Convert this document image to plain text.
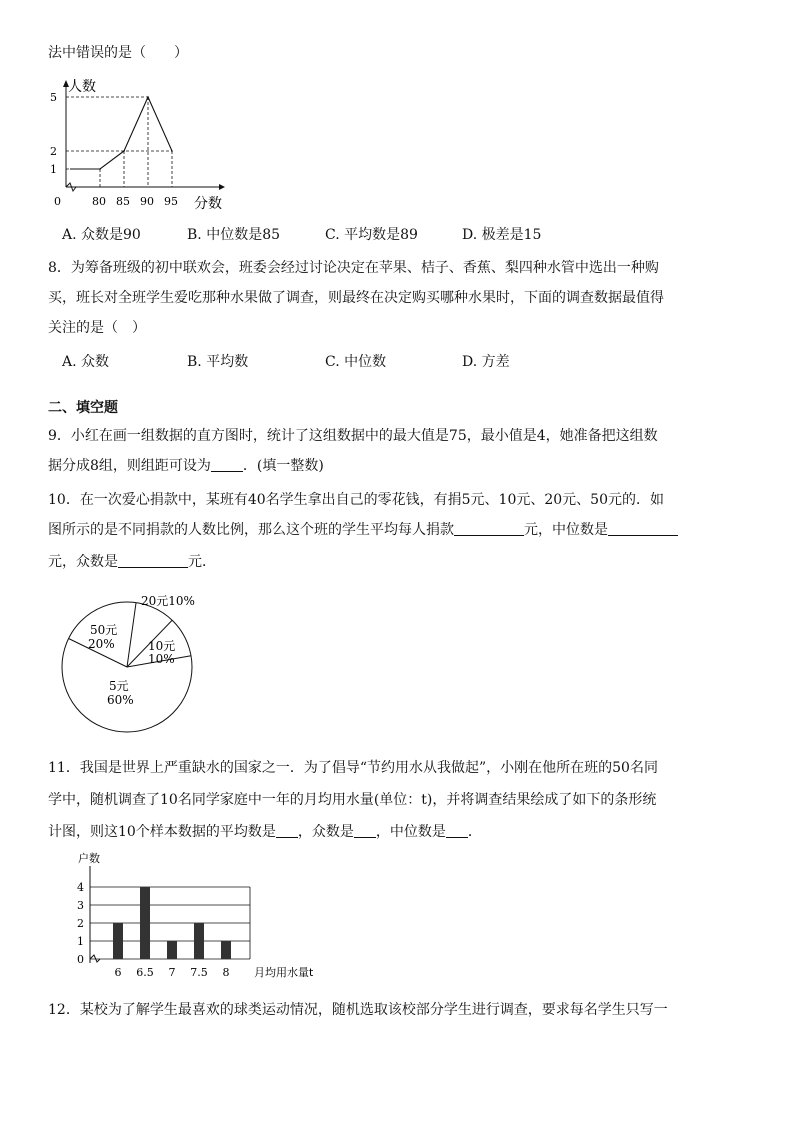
法中错误的是（　　）
人数
分数
0
1
2
5
80 85 90 95
A. 众数是90	B. 中位数是85	C. 平均数是89	D. 极差是15
8．为筹备班级的初中联欢会，班委会经过讨论决定在苹果、桔子、香蕉、梨四种水管中选出一种购
买，班长对全班学生爱吃那种水果做了调查，则最终在决定购买哪种水果时，下面的调查数据最值得
关注的是（　）
A. 众数	B. 平均数	C. 中位数	D. 方差
二、填空题
9．小红在画一组数据的直方图时，统计了这组数据中的最大值是75，最小值是4，她准备把这组数
据分成8组，则组距可设为 ．(填一整数)
10．在一次爱心捐款中，某班有40名学生拿出自己的零花钱，有捐5元、10元、20元、50元的．如
图所示的是不同捐款的人数比例，那么这个班的学生平均每人捐款	元，中位数是
元，众数是	元．
5元
10元
20元10%
50元
60%
10%
20%
11．我国是世界上严重缺水的国家之一．为了倡导“节约用水从我做起”，小刚在他所在班的50名同
学中，随机调查了10名同学家庭中一年的月均用水量(单位：t)，并将调查结果绘成了如下的条形统
计图，则这10个样本数据的平均数是 ，众数是 ，中位数是 ．
0
1
2
3
4
户数
月均用水量t
6 6.5 7 7.5 8
12．某校为了解学生最喜欢的球类运动情况，随机选取该校部分学生进行调查，要求每名学生只写一
